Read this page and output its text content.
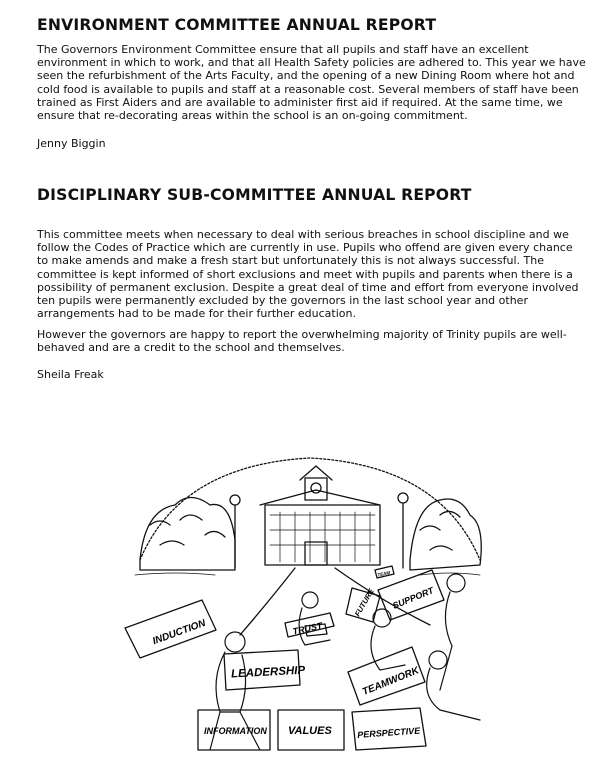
ENVIRONMENT COMMITTEE ANNUAL REPORT

The Governors Environment Committee ensure that all pupils and staff have an excellent environment in which to work, and that all Health Safety policies are adhered to. This year we have seen the refurbishment of the Arts Faculty, and the opening of a new Dining Room where hot and cold food is available to pupils and staff at a reasonable cost. Several members of staff have been trained as First Aiders and are available to administer first aid if required. At the same time, we ensure that re-decorating areas within the school is an on-going commitment.

Jenny Biggin

DISCIPLINARY SUB-COMMITTEE ANNUAL REPORT

This committee meets when necessary to deal with serious breaches in school discipline and we follow the Codes of Practice which are currently in use. Pupils who offend are given every chance to make amends and make a fresh start but unfortunately this is not always successful. The committee is kept informed of short exclusions and meet with pupils and parents when there is a possibility of permanent exclusion. Despite a great deal of time and effort from everyone involved ten pupils were permanently excluded by the governors in the last school year and other arrangements had to be made for their further education.

However the governors are happy to report the overwhelming majority of Trinity pupils are well-behaved and are a credit to the school and themselves.

Sheila Freak

INDUCTION
LEADERSHIP
TRUST
FUTURE SUPPORT
TEAMWORK
TEAM
INFORMATION VALUES	PERSPECTIVE
